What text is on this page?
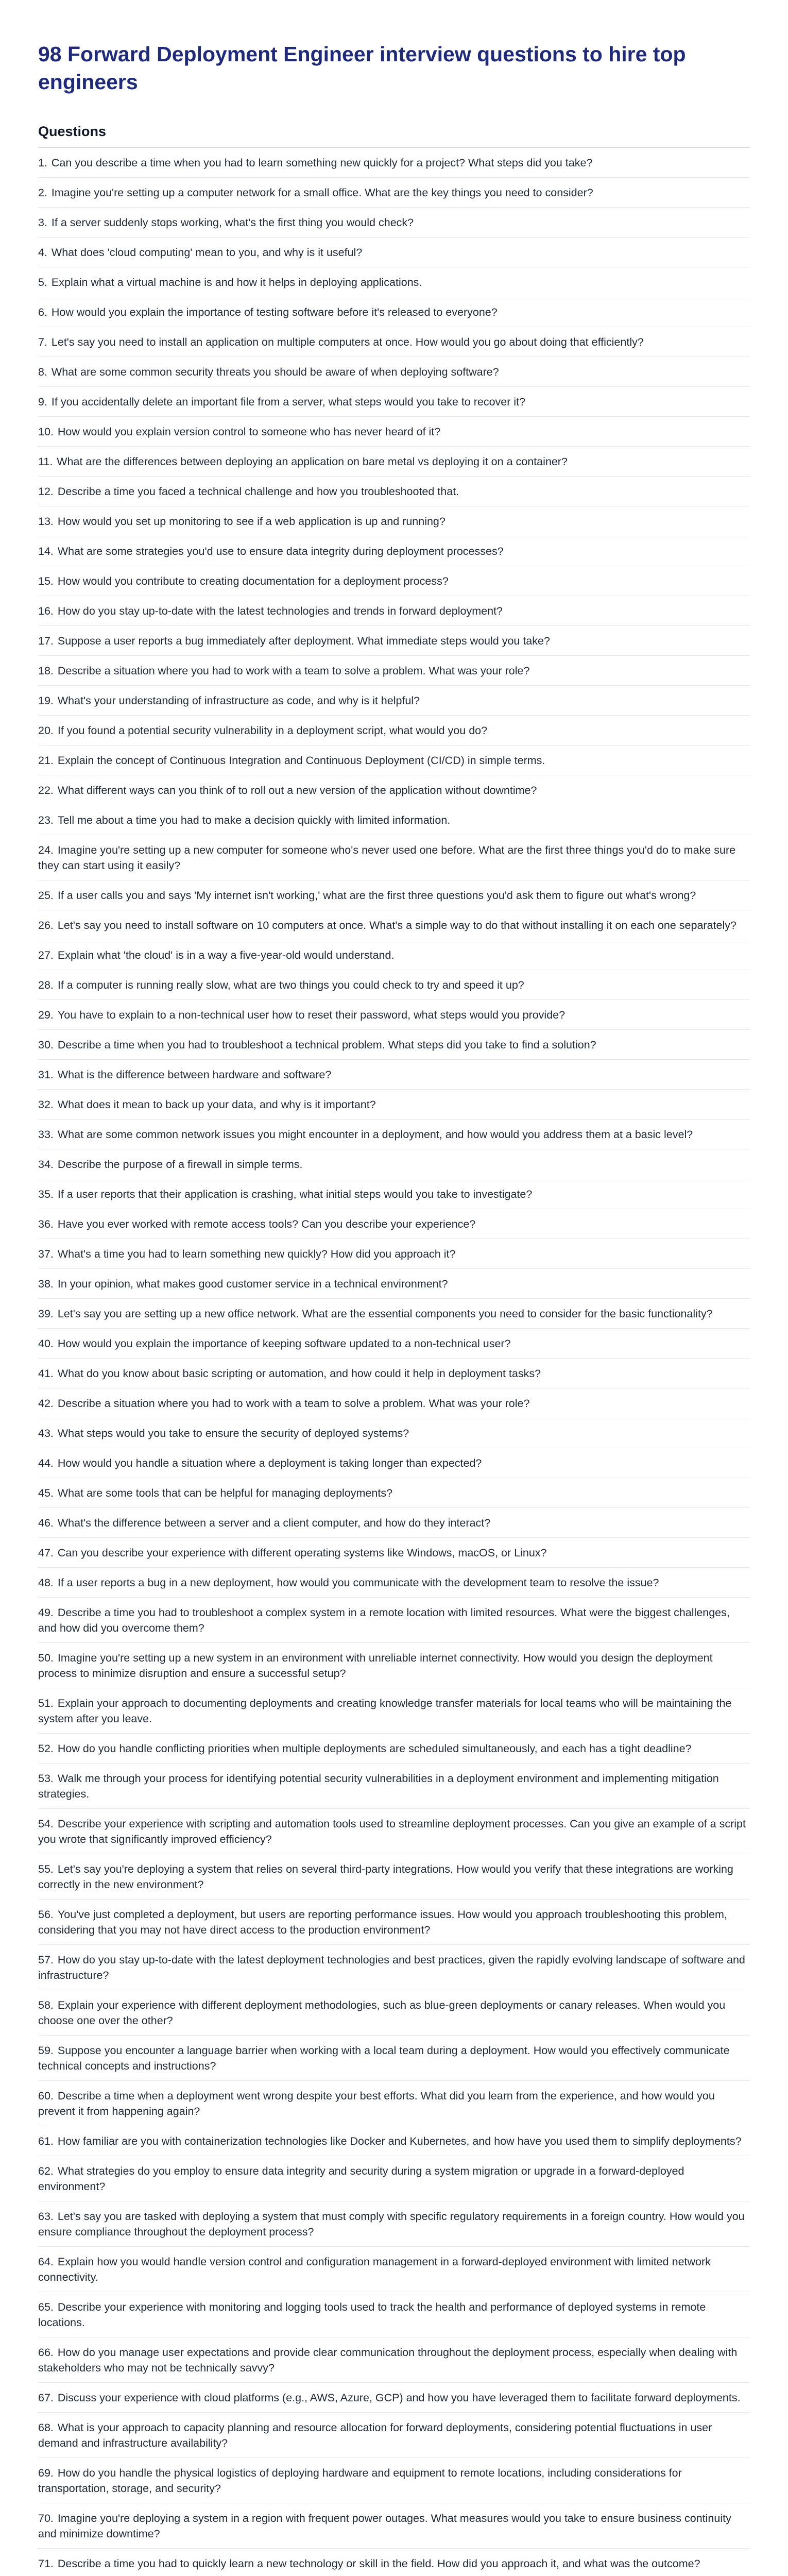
98 Forward Deployment Engineer interview questions to hire top engineers
Questions
1. Can you describe a time when you had to learn something new quickly for a project? What steps did you take?
2. Imagine you're setting up a computer network for a small office. What are the key things you need to consider?
3. If a server suddenly stops working, what's the first thing you would check?
4. What does 'cloud computing' mean to you, and why is it useful?
5. Explain what a virtual machine is and how it helps in deploying applications.
6. How would you explain the importance of testing software before it's released to everyone?
7. Let's say you need to install an application on multiple computers at once. How would you go about doing that efficiently?
8. What are some common security threats you should be aware of when deploying software?
9. If you accidentally delete an important file from a server, what steps would you take to recover it?
10. How would you explain version control to someone who has never heard of it?
11. What are the differences between deploying an application on bare metal vs deploying it on a container?
12. Describe a time you faced a technical challenge and how you troubleshooted that.
13. How would you set up monitoring to see if a web application is up and running?
14. What are some strategies you'd use to ensure data integrity during deployment processes?
15. How would you contribute to creating documentation for a deployment process?
16. How do you stay up-to-date with the latest technologies and trends in forward deployment?
17. Suppose a user reports a bug immediately after deployment. What immediate steps would you take?
18. Describe a situation where you had to work with a team to solve a problem. What was your role?
19. What's your understanding of infrastructure as code, and why is it helpful?
20. If you found a potential security vulnerability in a deployment script, what would you do?
21. Explain the concept of Continuous Integration and Continuous Deployment (CI/CD) in simple terms.
22. What different ways can you think of to roll out a new version of the application without downtime?
23. Tell me about a time you had to make a decision quickly with limited information.
24. Imagine you're setting up a new computer for someone who's never used one before. What are the first three things you'd do to make sure they can start using it easily?
25. If a user calls you and says 'My internet isn't working,' what are the first three questions you'd ask them to figure out what's wrong?
26. Let's say you need to install software on 10 computers at once. What's a simple way to do that without installing it on each one separately?
27. Explain what 'the cloud' is in a way a five-year-old would understand.
28. If a computer is running really slow, what are two things you could check to try and speed it up?
29. You have to explain to a non-technical user how to reset their password, what steps would you provide?
30. Describe a time when you had to troubleshoot a technical problem. What steps did you take to find a solution?
31. What is the difference between hardware and software?
32. What does it mean to back up your data, and why is it important?
33. What are some common network issues you might encounter in a deployment, and how would you address them at a basic level?
34. Describe the purpose of a firewall in simple terms.
35. If a user reports that their application is crashing, what initial steps would you take to investigate?
36. Have you ever worked with remote access tools? Can you describe your experience?
37. What's a time you had to learn something new quickly? How did you approach it?
38. In your opinion, what makes good customer service in a technical environment?
39. Let's say you are setting up a new office network. What are the essential components you need to consider for the basic functionality?
40. How would you explain the importance of keeping software updated to a non-technical user?
41. What do you know about basic scripting or automation, and how could it help in deployment tasks?
42. Describe a situation where you had to work with a team to solve a problem. What was your role?
43. What steps would you take to ensure the security of deployed systems?
44. How would you handle a situation where a deployment is taking longer than expected?
45. What are some tools that can be helpful for managing deployments?
46. What's the difference between a server and a client computer, and how do they interact?
47. Can you describe your experience with different operating systems like Windows, macOS, or Linux?
48. If a user reports a bug in a new deployment, how would you communicate with the development team to resolve the issue?
49. Describe a time you had to troubleshoot a complex system in a remote location with limited resources. What were the biggest challenges, and how did you overcome them?
50. Imagine you're setting up a new system in an environment with unreliable internet connectivity. How would you design the deployment process to minimize disruption and ensure a successful setup?
51. Explain your approach to documenting deployments and creating knowledge transfer materials for local teams who will be maintaining the system after you leave.
52. How do you handle conflicting priorities when multiple deployments are scheduled simultaneously, and each has a tight deadline?
53. Walk me through your process for identifying potential security vulnerabilities in a deployment environment and implementing mitigation strategies.
54. Describe your experience with scripting and automation tools used to streamline deployment processes. Can you give an example of a script you wrote that significantly improved efficiency?
55. Let's say you're deploying a system that relies on several third-party integrations. How would you verify that these integrations are working correctly in the new environment?
56. You've just completed a deployment, but users are reporting performance issues. How would you approach troubleshooting this problem, considering that you may not have direct access to the production environment?
57. How do you stay up-to-date with the latest deployment technologies and best practices, given the rapidly evolving landscape of software and infrastructure?
58. Explain your experience with different deployment methodologies, such as blue-green deployments or canary releases. When would you choose one over the other?
59. Suppose you encounter a language barrier when working with a local team during a deployment. How would you effectively communicate technical concepts and instructions?
60. Describe a time when a deployment went wrong despite your best efforts. What did you learn from the experience, and how would you prevent it from happening again?
61. How familiar are you with containerization technologies like Docker and Kubernetes, and how have you used them to simplify deployments?
62. What strategies do you employ to ensure data integrity and security during a system migration or upgrade in a forward-deployed environment?
63. Let's say you are tasked with deploying a system that must comply with specific regulatory requirements in a foreign country. How would you ensure compliance throughout the deployment process?
64. Explain how you would handle version control and configuration management in a forward-deployed environment with limited network connectivity.
65. Describe your experience with monitoring and logging tools used to track the health and performance of deployed systems in remote locations.
66. How do you manage user expectations and provide clear communication throughout the deployment process, especially when dealing with stakeholders who may not be technically savvy?
67. Discuss your experience with cloud platforms (e.g., AWS, Azure, GCP) and how you have leveraged them to facilitate forward deployments.
68. What is your approach to capacity planning and resource allocation for forward deployments, considering potential fluctuations in user demand and infrastructure availability?
69. How do you handle the physical logistics of deploying hardware and equipment to remote locations, including considerations for transportation, storage, and security?
70. Imagine you're deploying a system in a region with frequent power outages. What measures would you take to ensure business continuity and minimize downtime?
71. Describe a time you had to quickly learn a new technology or skill in the field. How did you approach it, and what was the outcome?
